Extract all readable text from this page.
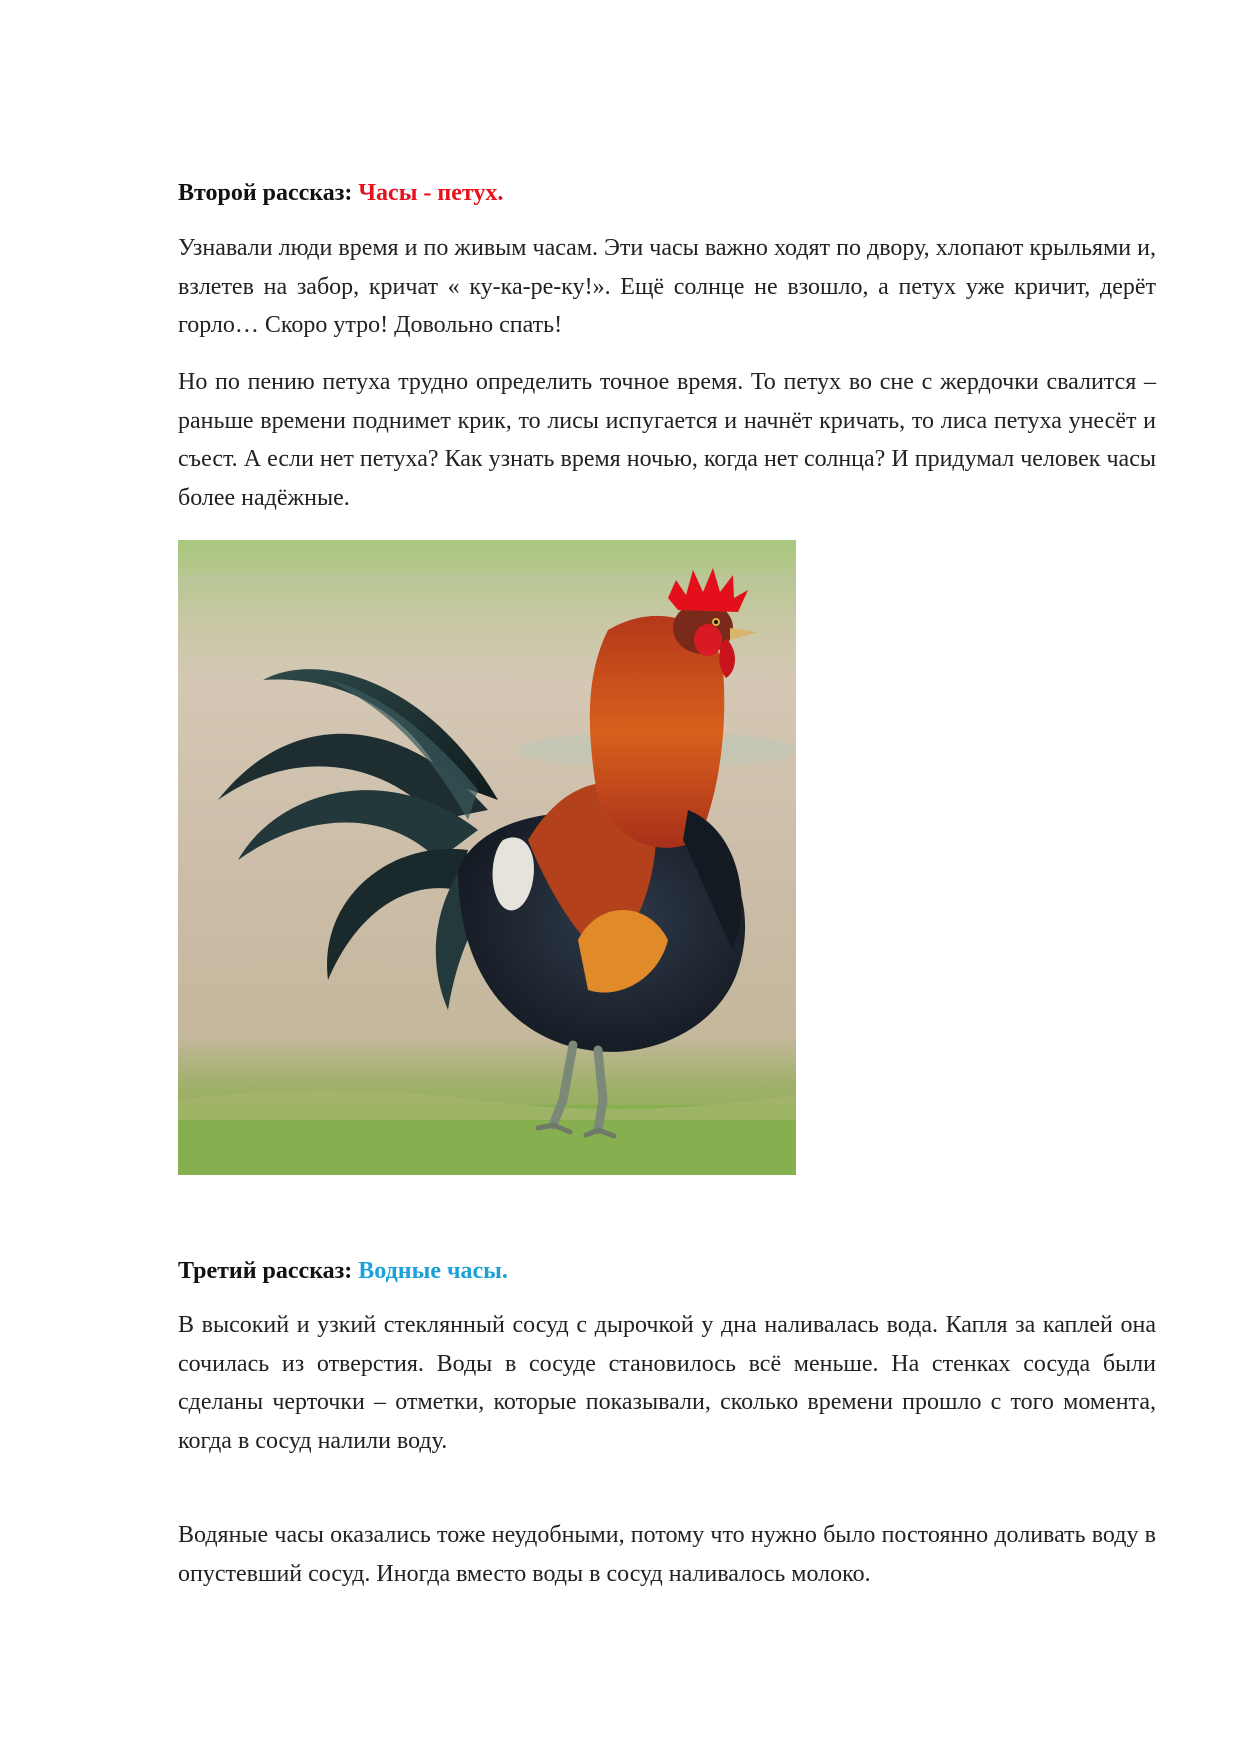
Второй рассказ: Часы - петух.

Узнавали люди время и по живым часам. Эти часы важно ходят по двору, хлопают крыльями и, взлетев на забор, кричат « ку-ка-ре-ку!». Ещё солнце не взошло, а петух уже кричит, дерёт горло… Скоро утро! Довольно спать!

Но по пению петуха трудно определить точное время. То петух во сне с жердочки свалится – раньше времени поднимет крик, то лисы испугается и начнёт кричать, то лиса петуха унесёт и съест. А если нет петуха? Как узнать время ночью, когда нет солнца? И придумал человек часы более надёжные.

Третий рассказ: Водные часы.

В высокий и узкий стеклянный сосуд с дырочкой у дна наливалась вода. Капля за каплей она сочилась из отверстия. Воды в сосуде становилось всё меньше. На стенках сосуда были сделаны черточки – отметки, которые показывали, сколько времени прошло с того момента, когда в сосуд налили воду.

Водяные часы оказались тоже неудобными, потому что нужно было постоянно доливать воду в опустевший сосуд. Иногда вместо воды в сосуд наливалось молоко.
